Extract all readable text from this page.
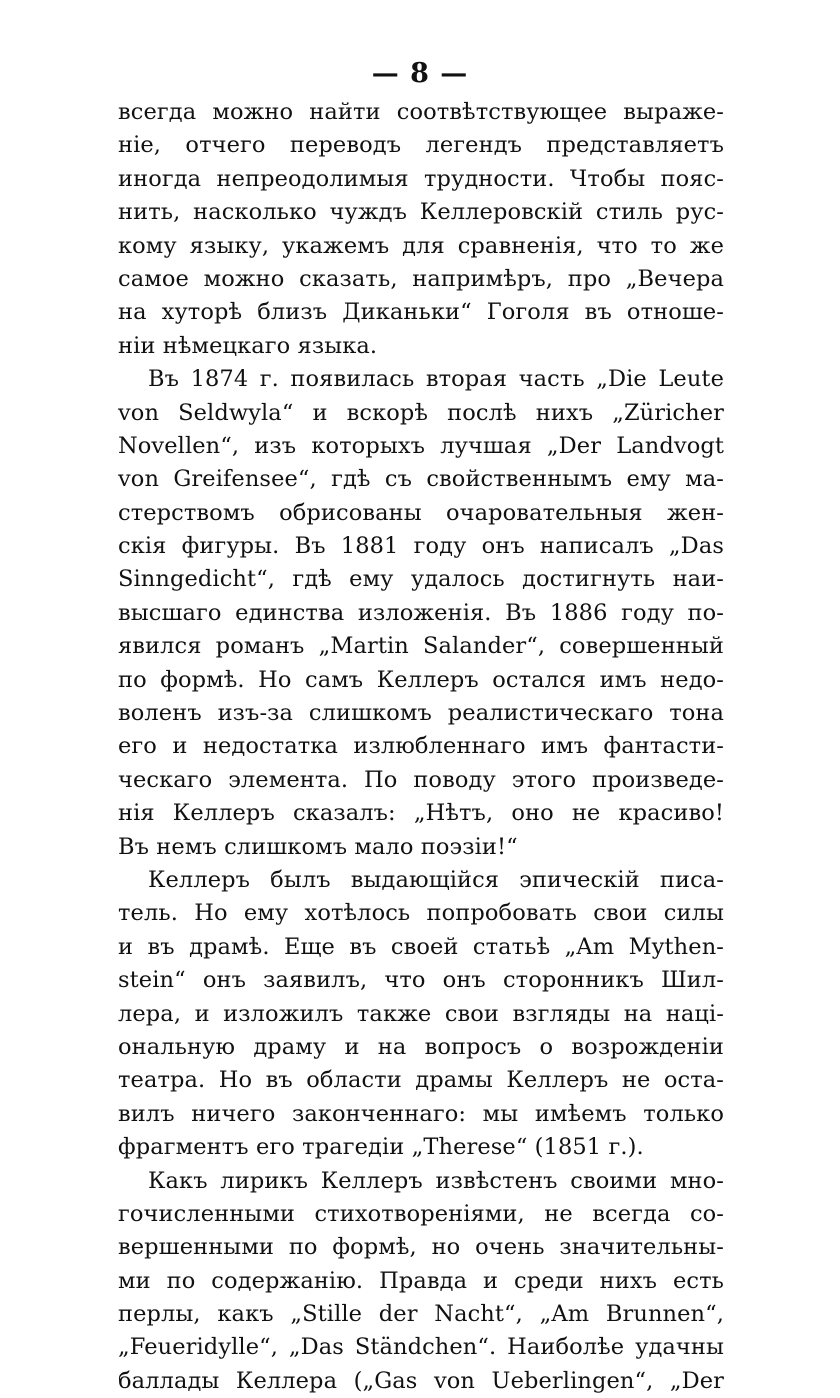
— 8 —
всегда можно найти соотвѣтствующее выраже-
ніе, отчего переводъ легендъ представляетъ
иногда непреодолимыя трудности. Чтобы пояс-
нить, насколько чуждъ Келлеровскій стиль рус-
кому языку, укажемъ для сравненія, что то же
самое можно сказать, напримѣръ, про „Вечера
на хуторѣ близъ Диканьки“ Гоголя въ отноше-
ніи нѣмецкаго языка.
Въ 1874 г. появилась вторая часть „Die Leute
von Seldwyla“ и вскорѣ послѣ нихъ „Züricher
Novellen“, изъ которыхъ лучшая „Der Landvogt
von Greifensee“, гдѣ съ свойственнымъ ему ма-
стерствомъ обрисованы очаровательныя жен-
скія фигуры. Въ 1881 году онъ написалъ „Das
Sinngedicht“, гдѣ ему удалось достигнуть наи-
высшаго единства изложенія. Въ 1886 году по-
явился романъ „Martin Salander“, совершенный
по формѣ. Но самъ Келлеръ остался имъ недо-
воленъ изъ-за слишкомъ реалистическаго тона
его и недостатка излюбленнаго имъ фантасти-
ческаго элемента. По поводу этого произведе-
нія Келлеръ сказалъ: „Нѣтъ, оно не красиво!
Въ немъ слишкомъ мало поэзіи!“
Келлеръ былъ выдающійся эпическій писа-
тель. Но ему хотѣлось попробовать свои силы
и въ драмѣ. Еще въ своей статьѣ „Am Mythen-
stein“ онъ заявилъ, что онъ сторонникъ Шил-
лера, и изложилъ также свои взгляды на наці-
ональную драму и на вопросъ о возрожденіи
театра. Но въ области драмы Келлеръ не оста-
вилъ ничего законченнаго: мы имѣемъ только
фрагментъ его трагедіи „Therese“ (1851 г.).
Какъ лирикъ Келлеръ извѣстенъ своими мно-
гочисленными стихотвореніями, не всегда со-
вершенными по формѣ, но очень значительны-
ми по содержанію. Правда и среди нихъ есть
перлы, какъ „Stille der Nacht“, „Am Brunnen“,
„Feueridylle“, „Das Ständchen“. Наиболѣе удачны
баллады Келлера („Gas von Ueberlingen“, „Der
